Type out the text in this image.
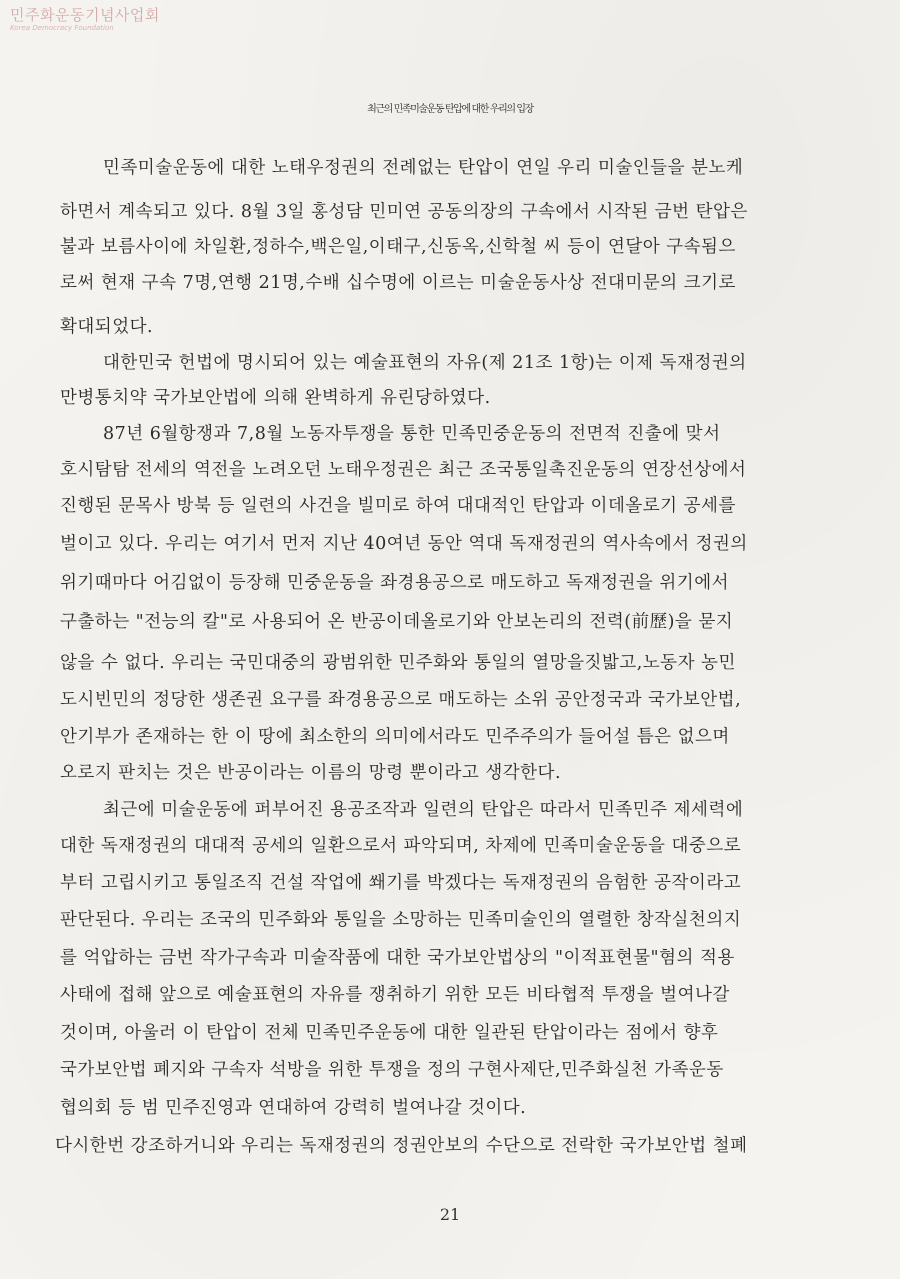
민주화운동기념사업회
Korea Democracy Foundation
최근의 민족미술운동 탄압에 대한 우리의 입장
민족미술운동에 대한 노태우정권의 전례없는 탄압이 연일 우리 미술인들을 분노케
하면서 계속되고 있다. 8월 3일 홍성담 민미연 공동의장의 구속에서 시작된 금번 탄압은
불과 보름사이에 차일환,정하수,백은일,이태구,신동옥,신학철 씨 등이 연달아 구속됨으
로써 현재 구속 7명,연행 21명,수배 십수명에 이르는 미술운동사상 전대미문의 크기로
확대되었다.
대한민국 헌법에 명시되어 있는 예술표현의 자유(제 21조 1항)는 이제 독재정권의
만병통치약 국가보안법에 의해 완벽하게 유린당하였다.
87년 6월항쟁과 7,8월 노동자투쟁을 통한 민족민중운동의 전면적 진출에 맞서
호시탐탐 전세의 역전을 노려오던 노태우정권은 최근 조국통일촉진운동의 연장선상에서
진행된 문목사 방북 등 일련의 사건을 빌미로 하여 대대적인 탄압과 이데올로기 공세를
벌이고 있다. 우리는 여기서 먼저 지난 40여년 동안 역대 독재정권의 역사속에서 정권의
위기때마다 어김없이 등장해 민중운동을 좌경용공으로 매도하고 독재정권을 위기에서
구출하는 "전능의 칼"로 사용되어 온 반공이데올로기와 안보논리의 전력(前歷)을 묻지
않을 수 없다. 우리는 국민대중의 광범위한 민주화와 통일의 열망을짓밟고,노동자 농민
도시빈민의 정당한 생존권 요구를 좌경용공으로 매도하는 소위 공안정국과 국가보안법,
안기부가 존재하는 한 이 땅에 최소한의 의미에서라도 민주주의가 들어설 틈은 없으며
오로지 판치는 것은 반공이라는 이름의 망령 뿐이라고 생각한다.
최근에 미술운동에 퍼부어진 용공조작과 일련의 탄압은 따라서 민족민주 제세력에
대한 독재정권의 대대적 공세의 일환으로서 파악되며, 차제에 민족미술운동을 대중으로
부터 고립시키고 통일조직 건설 작업에 쐐기를 박겠다는 독재정권의 음험한 공작이라고
판단된다. 우리는 조국의 민주화와 통일을 소망하는 민족미술인의 열렬한 창작실천의지
를 억압하는 금번 작가구속과 미술작품에 대한 국가보안법상의 "이적표현물"혐의 적용
사태에 접해 앞으로 예술표현의 자유를 쟁취하기 위한 모든 비타협적 투쟁을 벌여나갈
것이며, 아울러 이 탄압이 전체 민족민주운동에 대한 일관된 탄압이라는 점에서 향후
국가보안법 폐지와 구속자 석방을 위한 투쟁을 정의 구현사제단,민주화실천 가족운동
협의회 등 범 민주진영과 연대하여 강력히 벌여나갈 것이다.
다시한번 강조하거니와 우리는 독재정권의 정권안보의 수단으로 전락한 국가보안법 철폐
21
